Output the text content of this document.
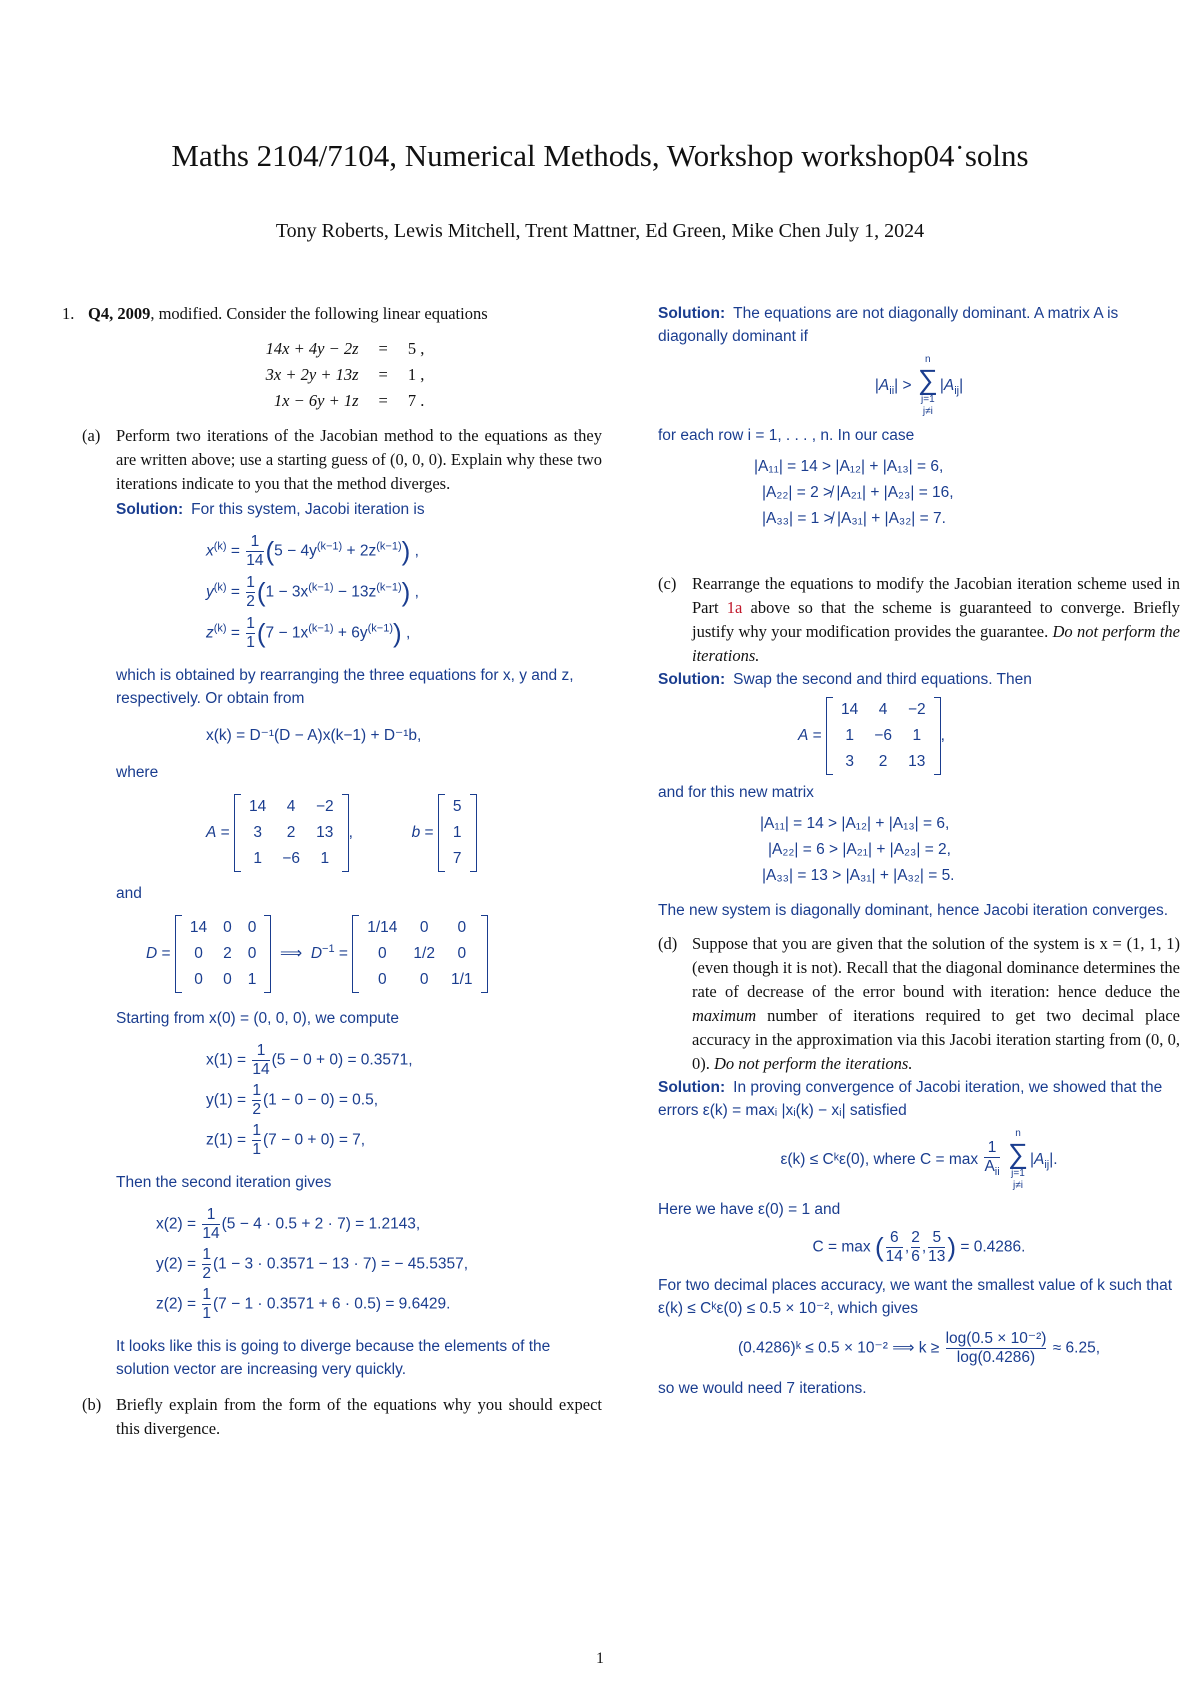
Maths 2104/7104, Numerical Methods, Workshop workshop04˙solns
Tony Roberts, Lewis Mitchell, Trent Mattner, Ed Green, Mike Chen July 1, 2024
1. Q4, 2009, modified. Consider the following linear equations
14x + 4y − 2z	=	5 ,
3x + 2y + 13z	=	1 ,
1x − 6y + 1z	=	7 .
(a) Perform two iterations of the Jacobian method to the equations as they are written above; use a starting guess of (0, 0, 0). Explain why these two iterations indicate to you that the method diverges.
Solution: For this system, Jacobi iteration is
$x^{(k)} = \frac{1}{14} (5 - 4y^{(k-1)} + 2z^{(k-1)})$ ,
$y^{(k)} = \frac{1}{2} (1 - 3x^{(k-1)} - 13z^{(k-1)})$ ,
$z^{(k)} = \frac{1}{1} (7 - 1x^{(k-1)} + 6y^{(k-1)})$ ,
which is obtained by rearranging the three equations for x, y and z, respectively. Or obtain from
x(k) = D⁻¹(D − A)x(k−1) + D⁻¹b,
where
A =
14	4	−2
3	2	13
1	−6	1
,	b =
5
1
7
and
D =
14	0	0
0	2	0
0	0	1
⟹  $D^{-1}$ =
1/14	0	0
0	1/2	0
0	0	1/1
Starting from x(0) = (0, 0, 0), we compute
$x(1) = \frac{1}{14} (5 - 0 + 0) = 0.3571$,
$y(1) = \frac{1}{2} (1 - 0 - 0) = 0.5$,
$z(1) = \frac{1}{1} (7 - 0 + 0) = 7$,
Then the second iteration gives
$x(2) = \frac{1}{14} (5 - 4 \cdot 0.5 + 2 \cdot 7) = 1.2143$,
$y(2) = \frac{1}{2} (1 - 3 \cdot 0.3571 - 13 \cdot 7)$ = − 45.5357,
$z(2) = \frac{1}{1} (7 - 1 \cdot 0.3571 + 6 \cdot 0.5) = 9.6429$.
It looks like this is going to diverge because the elements of the solution vector are increasing very quickly.
(b) Briefly explain from the form of the equations why you should expect this divergence.
Solution: The equations are not diagonally dominant. A matrix A is diagonally dominant if
$|A_{ii}|$ >
n
∑
j=1
j≠i
$|A_{ij}|$
for each row i = 1, . . . , n. In our case
|A₁₁| = 14 > |A₁₂| + |A₁₃| = 6,
|A₂₂| = 2 ≯ |A₂₁| + |A₂₃| = 16,
|A₃₃| = 1 ≯ |A₃₁| + |A₃₂| = 7.
(c) Rearrange the equations to modify the Jacobian iteration scheme used in Part 1a above so that the scheme is guaranteed to converge. Briefly justify why your modification provides the guarantee. Do not perform the iterations.
Solution: Swap the second and third equations. Then
A =
14	4	−2
1	−6	1
3	2	13
,
and for this new matrix
|A₁₁| = 14 > |A₁₂| + |A₁₃| = 6,
|A₂₂| = 6 > |A₂₁| + |A₂₃| = 2,
|A₃₃| = 13 > |A₃₁| + |A₃₂| = 5.
The new system is diagonally dominant, hence Jacobi iteration converges.
(d) Suppose that you are given that the solution of the system is x = (1, 1, 1) (even though it is not). Recall that the diagonal dominance determines the rate of decrease of the error bound with iteration: hence deduce the maximum number of iterations required to get two decimal place accuracy in the approximation via this Jacobi iteration starting from (0, 0, 0). Do not perform the iterations.
Solution: In proving convergence of Jacobi iteration, we showed that the errors ε(k) = maxᵢ |xᵢ(k) − xᵢ| satisfied
ε(k) ≤ Cᵏε(0), where $C = \max \frac{1}{A_{ii}}$

n
∑
j=1
j≠i
$|A_{ij}|$.
Here we have ε(0) = 1 and
C = max ( $\frac{6}{14}$ , $\frac{2}{6}$ , $\frac{5}{13}$ ) = 0.4286.
For two decimal places accuracy, we want the smallest value of k such that ε(k) ≤ Cᵏε(0) ≤ 0.5 × 10⁻², which gives
(0.4286)ᵏ ≤ 0.5 × 10⁻² ⟹ $k \ge \frac{\text{log(0.5 × 10⁻²)}}{\log(0.4286)} \approx 6.25$,
so we would need 7 iterations.
1
